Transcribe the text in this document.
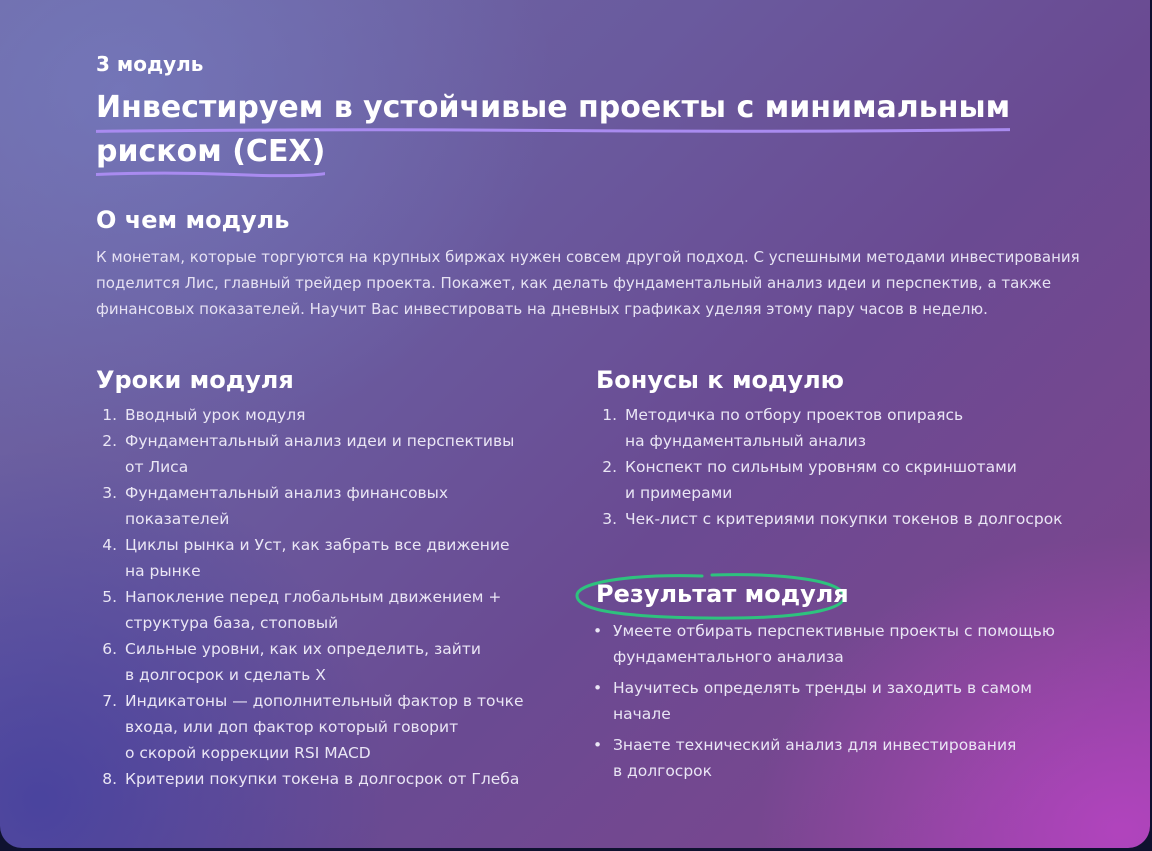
3 модуль
Инвестируем в устойчивые проекты с минимальным

риском (CEX)
О чем модуль

К монетам, которые торгуются на крупных биржах нужен совсем другой подход. С успешными методами инвестирования
поделится Лис, главный трейдер проекта. Покажет, как делать фундаментальный анализ идеи и перспектив, а также
финансовых показателей. Научит Вас инвестировать на дневных графиках уделяя этому пару часов в неделю.

Уроки модуля
1. Вводный урок модуля
2. Фундаментальный анализ идеи и перспективы
от Лиса
3. Фундаментальный анализ финансовых
показателей
4. Циклы рынка и Уст, как забрать все движение
на рынке
5. Напокление перед глобальным движением +
структура база, стоповый
6. Сильные уровни, как их определить, зайти
в долгосрок и сделать X
7. Индикатоны — дополнительный фактор в точке
входа, или доп фактор который говорит
о скорой коррекции RSI MACD
8. Критерии покупки токена в долгосрок от Глеба
Бонусы к модулю
1. Методичка по отбору проектов опираясь
на фундаментальный анализ
2. Конспект по сильным уровням со скриншотами
и примерами
3. Чек-лист с критериями покупки токенов в долгосрок
Результат модуля
• Умеете отбирать перспективные проекты с помощью
фундаментального анализа
• Научитесь определять тренды и заходить в самом
начале
• Знаете технический анализ для инвестирования
в долгосрок
